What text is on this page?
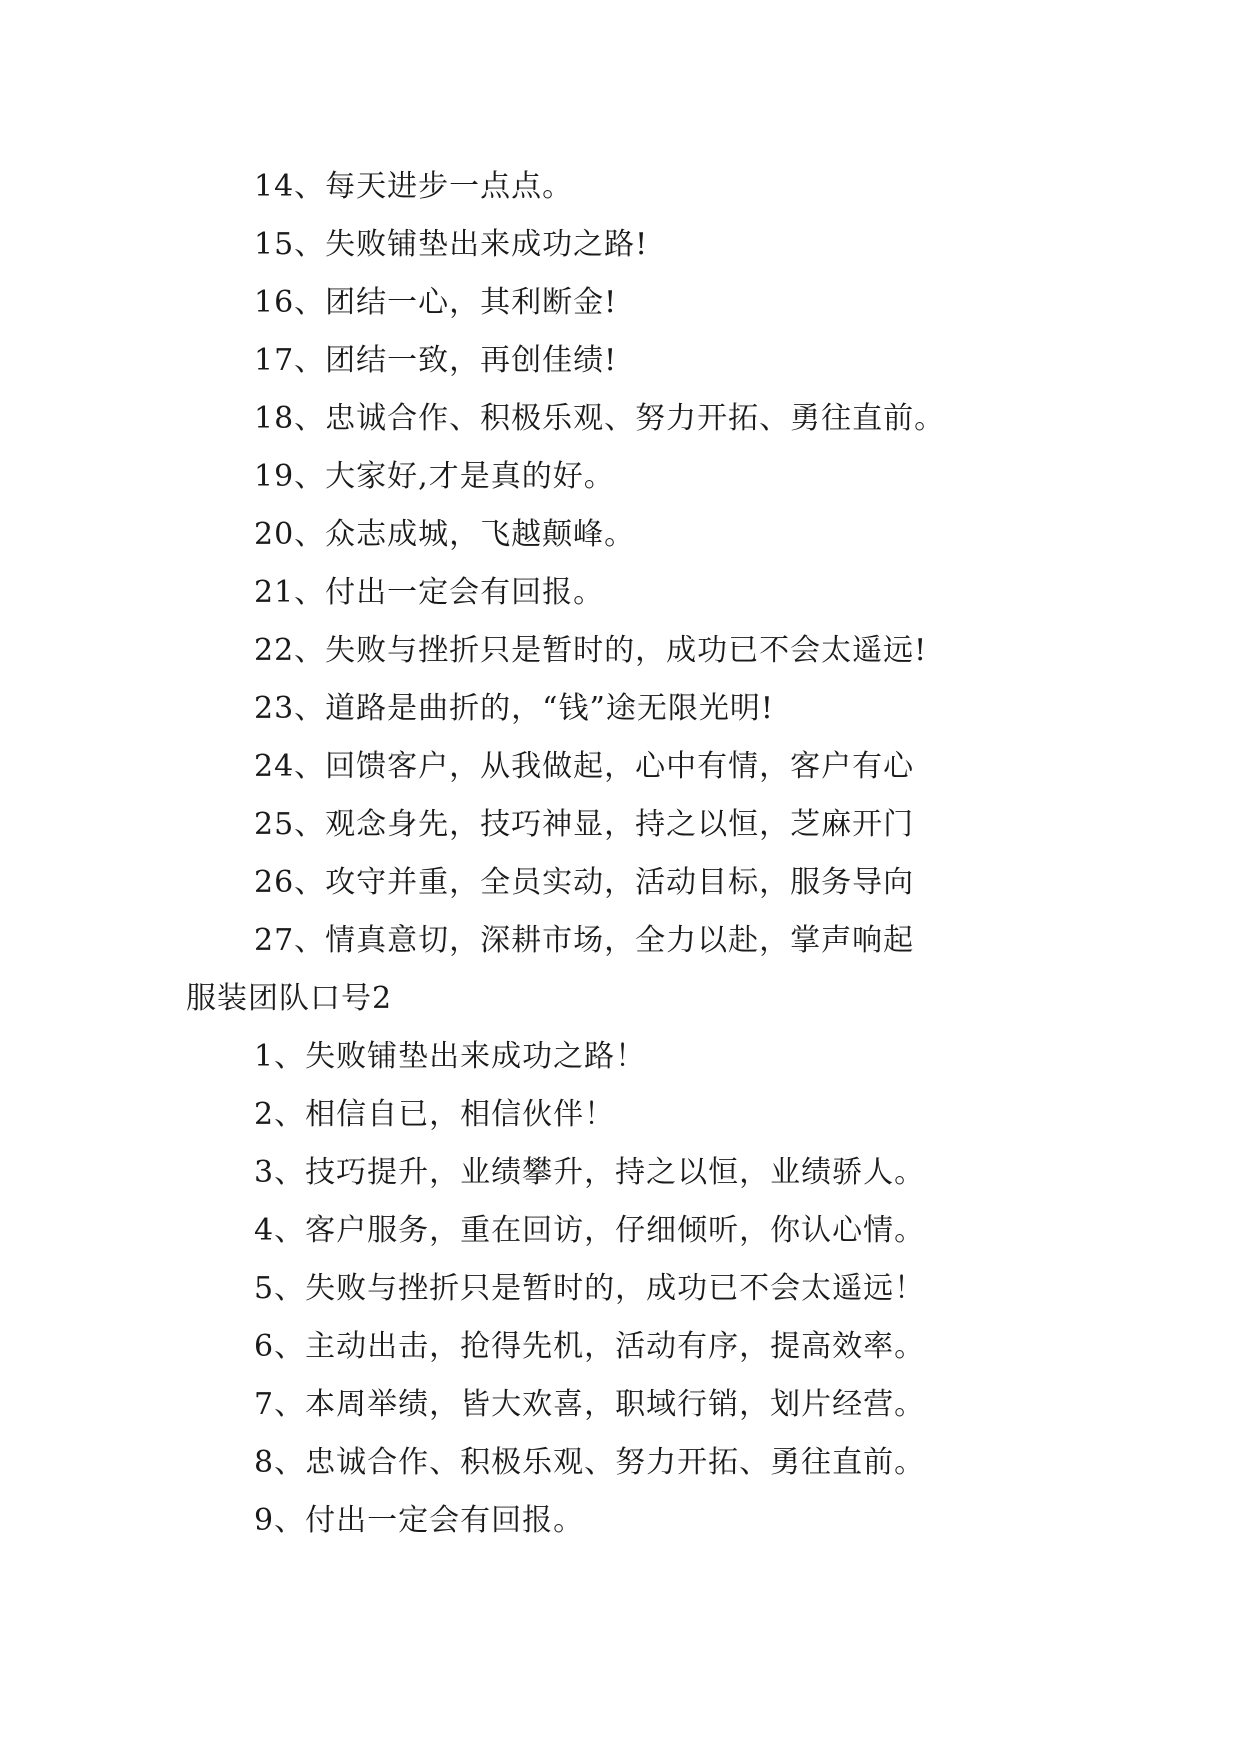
14、每天进步一点点。
15、失败铺垫出来成功之路!
16、团结一心，其利断金!
17、团结一致，再创佳绩!
18、忠诚合作、积极乐观、努力开拓、勇往直前。
19、大家好,才是真的好。
20、众志成城，飞越颠峰。
21、付出一定会有回报。
22、失败与挫折只是暂时的，成功已不会太遥远!
23、道路是曲折的，“钱”途无限光明!
24、回馈客户，从我做起，心中有情，客户有心
25、观念身先，技巧神显，持之以恒，芝麻开门
26、攻守并重，全员实动，活动目标，服务导向
27、情真意切，深耕市场，全力以赴，掌声响起
服装团队口号2
1、失败铺垫出来成功之路！
2、相信自已，相信伙伴！
3、技巧提升，业绩攀升，持之以恒，业绩骄人。
4、客户服务，重在回访，仔细倾听，你认心情。
5、失败与挫折只是暂时的，成功已不会太遥远！
6、主动出击，抢得先机，活动有序，提高效率。
7、本周举绩，皆大欢喜，职域行销，划片经营。
8、忠诚合作、积极乐观、努力开拓、勇往直前。
9、付出一定会有回报。
